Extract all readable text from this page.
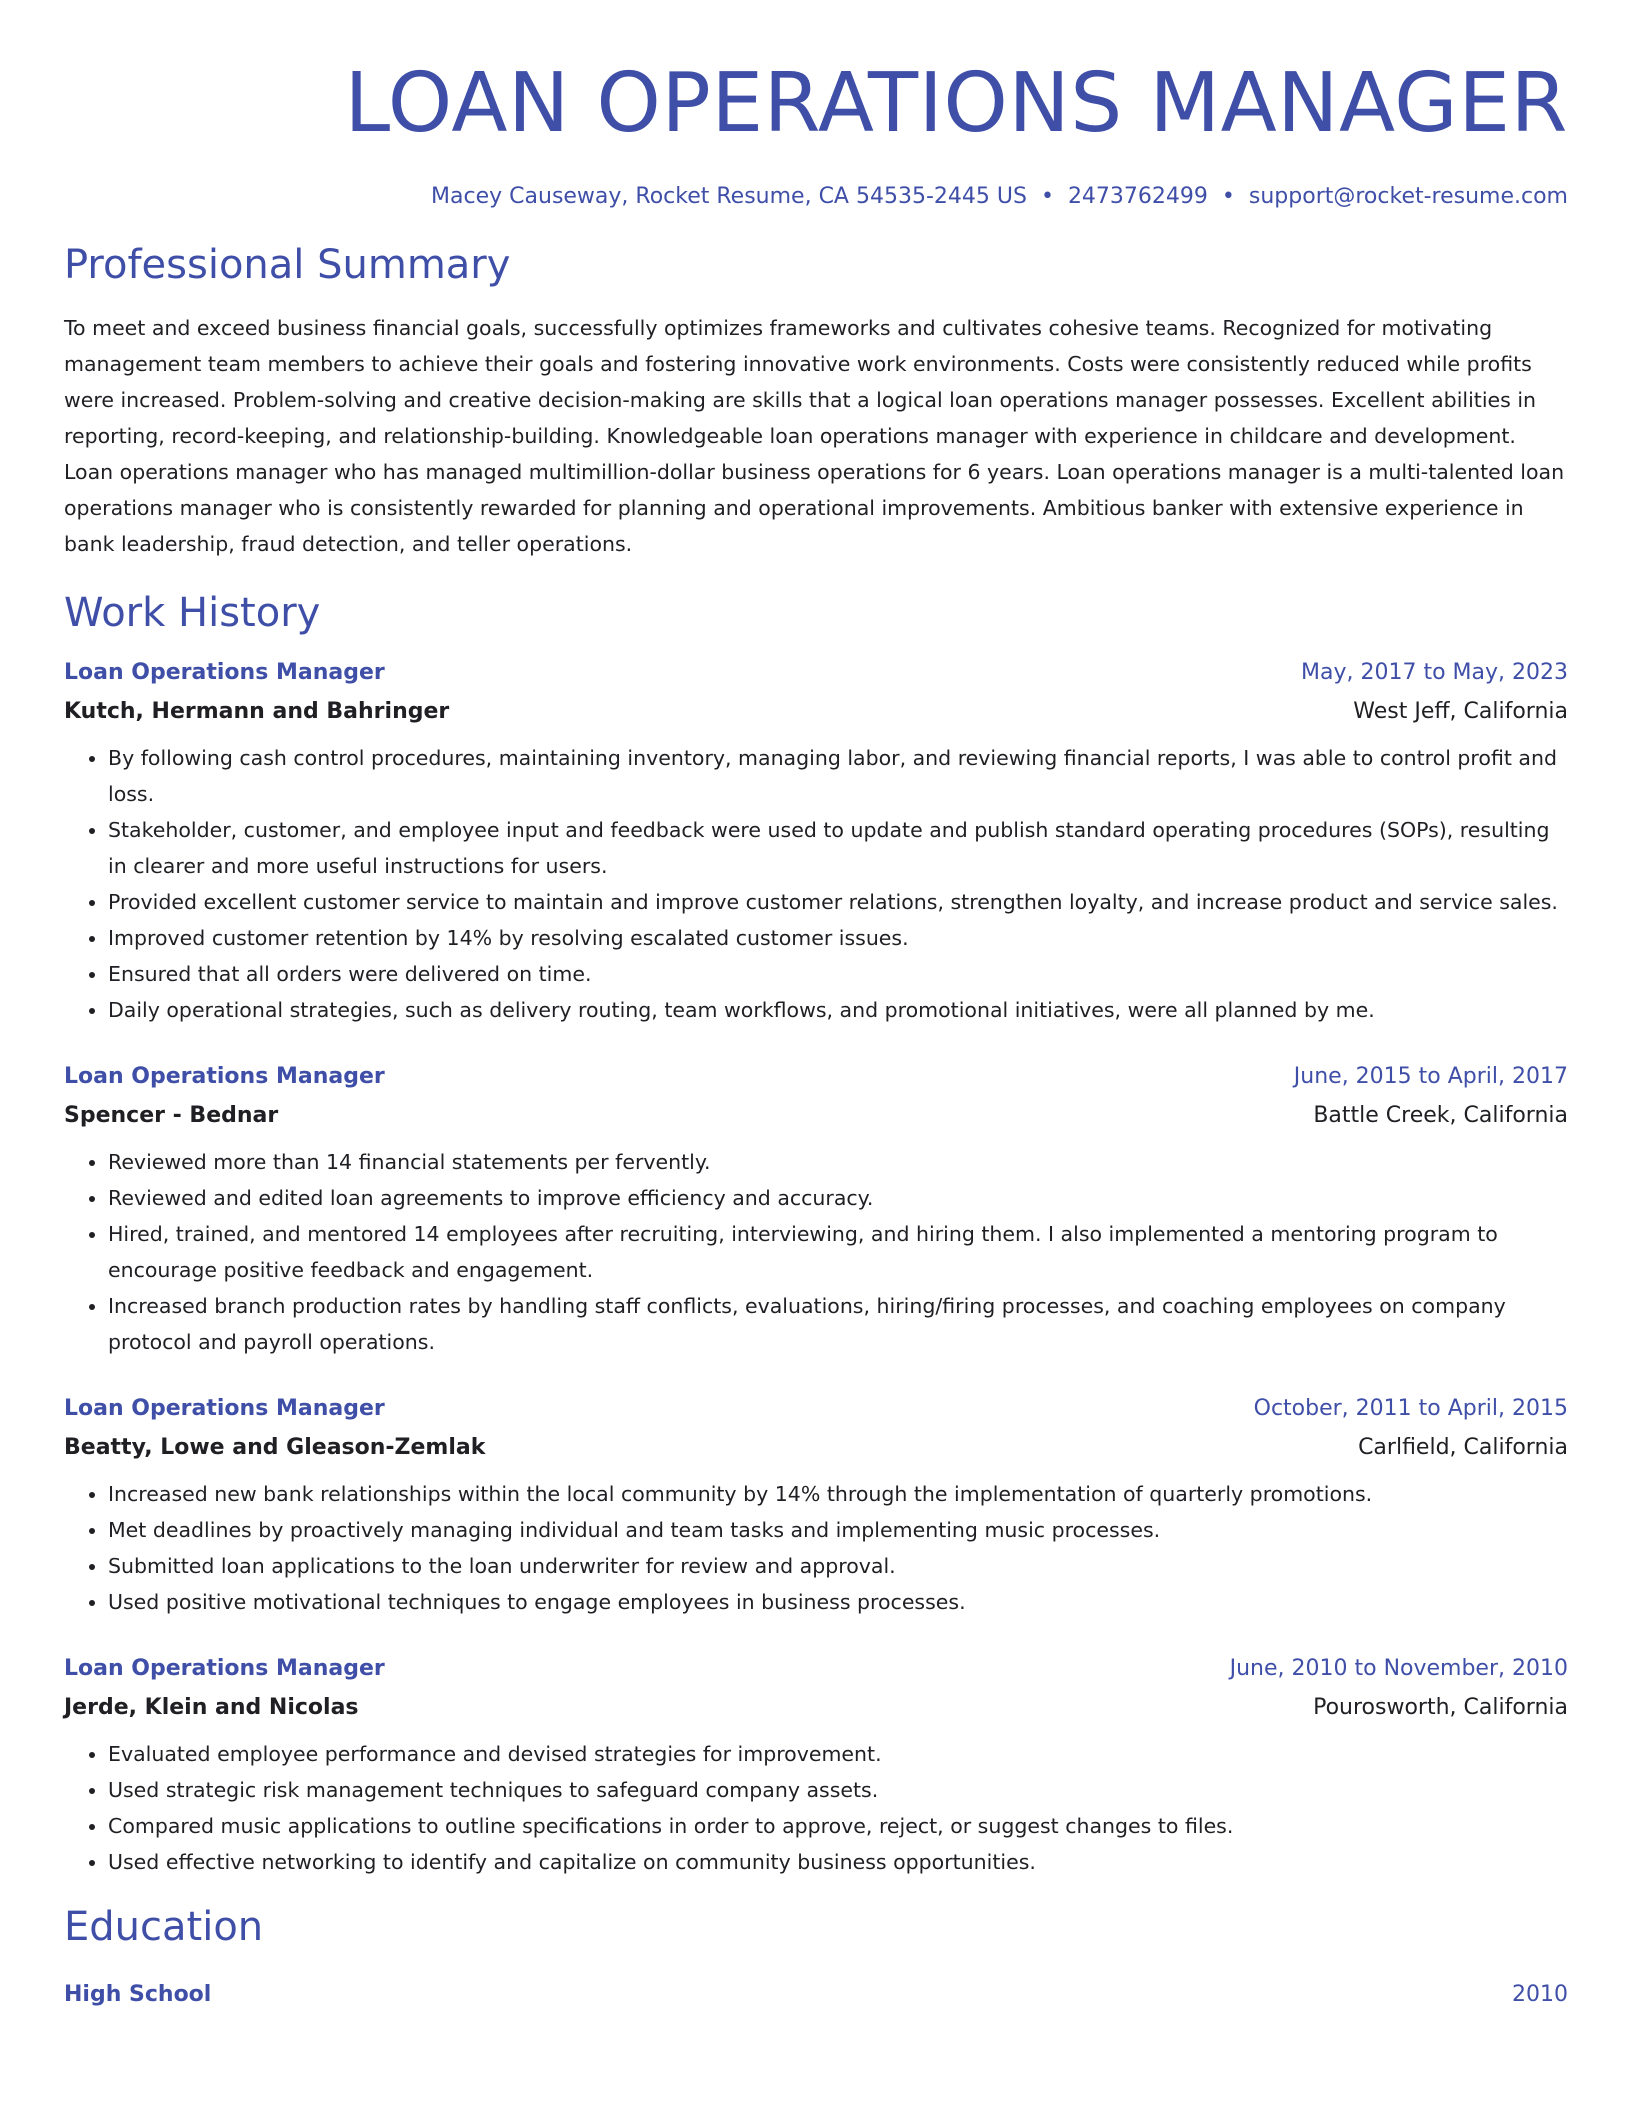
LOAN OPERATIONS MANAGER
Macey Causeway, Rocket Resume, CA 54535-2445 US • 2473762499 • support@rocket-resume.com
Professional Summary

To meet and exceed business financial goals, successfully optimizes frameworks and cultivates cohesive teams. Recognized for motivating management team members to achieve their goals and fostering innovative work environments. Costs were consistently reduced while profits were increased. Problem-solving and creative decision-making are skills that a logical loan operations manager possesses. Excellent abilities in reporting, record-keeping, and relationship-building. Knowledgeable loan operations manager with experience in childcare and development. Loan operations manager who has managed multimillion-dollar business operations for 6 years. Loan operations manager is a multi-talented loan operations manager who is consistently rewarded for planning and operational improvements. Ambitious banker with extensive experience in bank leadership, fraud detection, and teller operations.

Work History
Loan Operations Manager	May, 2017 to May, 2023
Kutch, Hermann and Bahringer	West Jeff, California
• By following cash control procedures, maintaining inventory, managing labor, and reviewing financial reports, I was able to control profit and loss.
• Stakeholder, customer, and employee input and feedback were used to update and publish standard operating procedures (SOPs), resulting in clearer and more useful instructions for users.
• Provided excellent customer service to maintain and improve customer relations, strengthen loyalty, and increase product and service sales.
• Improved customer retention by 14% by resolving escalated customer issues.
• Ensured that all orders were delivered on time.
• Daily operational strategies, such as delivery routing, team workflows, and promotional initiatives, were all planned by me.
Loan Operations Manager	June, 2015 to April, 2017
Spencer - Bednar	Battle Creek, California
• Reviewed more than 14 financial statements per fervently.
• Reviewed and edited loan agreements to improve efficiency and accuracy.
• Hired, trained, and mentored 14 employees after recruiting, interviewing, and hiring them. I also implemented a mentoring program to encourage positive feedback and engagement.
• Increased branch production rates by handling staff conflicts, evaluations, hiring/firing processes, and coaching employees on company protocol and payroll operations.
Loan Operations Manager	October, 2011 to April, 2015
Beatty, Lowe and Gleason-Zemlak	Carlfield, California
• Increased new bank relationships within the local community by 14% through the implementation of quarterly promotions.
• Met deadlines by proactively managing individual and team tasks and implementing music processes.
• Submitted loan applications to the loan underwriter for review and approval.
• Used positive motivational techniques to engage employees in business processes.
Loan Operations Manager	June, 2010 to November, 2010
Jerde, Klein and Nicolas	Pourosworth, California
• Evaluated employee performance and devised strategies for improvement.
• Used strategic risk management techniques to safeguard company assets.
• Compared music applications to outline specifications in order to approve, reject, or suggest changes to files.
• Used effective networking to identify and capitalize on community business opportunities.
Education
High School	2010
